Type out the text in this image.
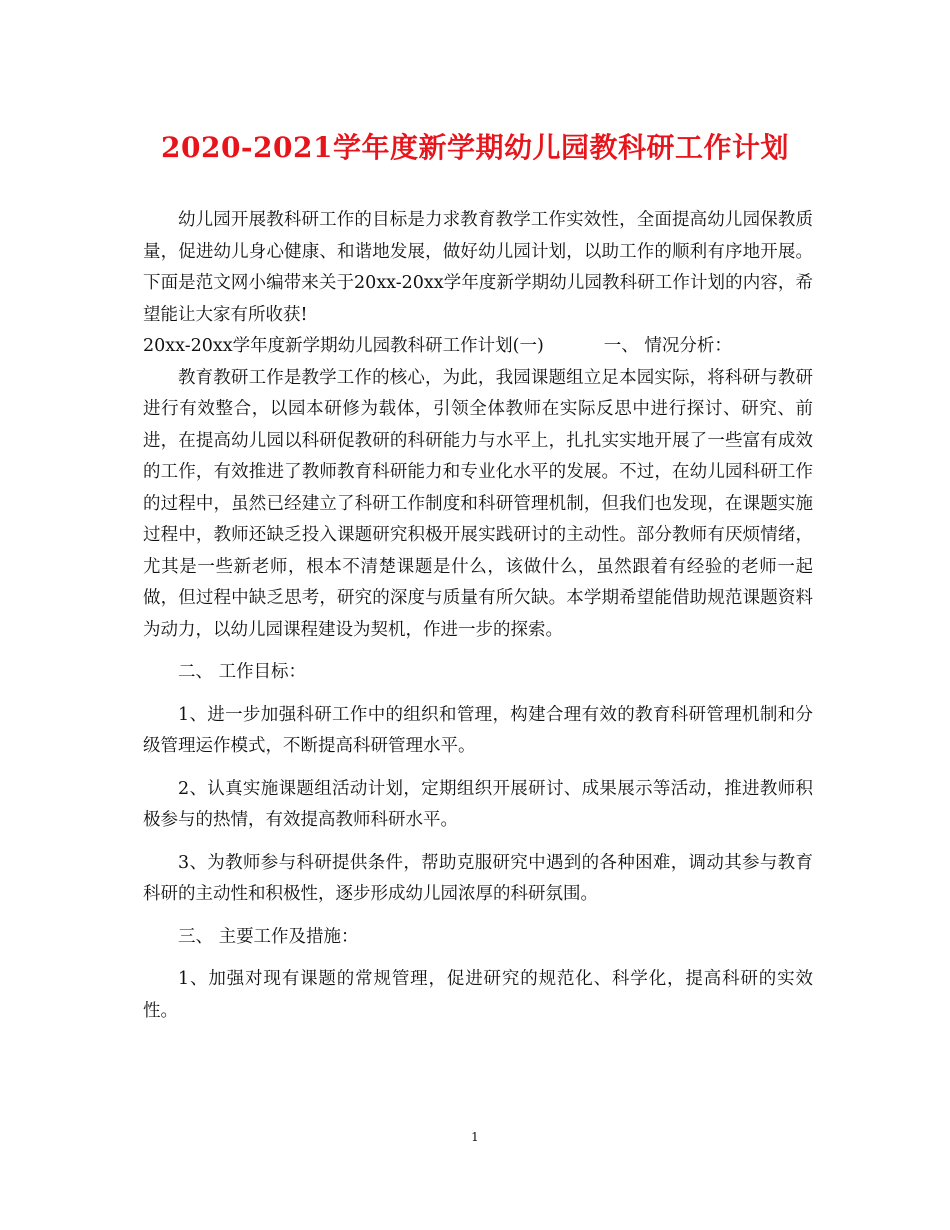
2020-2021学年度新学期幼儿园教科研工作计划

幼儿园开展教科研工作的目标是力求教育教学工作实效性，全面提高幼儿园保教质量，促进幼儿身心健康、和谐地发展，做好幼儿园计划，以助工作的顺利有序地开展。下面是范文网小编带来关于20xx-20xx学年度新学期幼儿园教科研工作计划的内容，希望能让大家有所收获!

20xx-20xx学年度新学期幼儿园教科研工作计划(一)	一、 情况分析：

教育教研工作是教学工作的核心，为此，我园课题组立足本园实际，将科研与教研进行有效整合，以园本研修为载体，引领全体教师在实际反思中进行探讨、研究、前进，在提高幼儿园以科研促教研的科研能力与水平上，扎扎实实地开展了一些富有成效的工作，有效推进了教师教育科研能力和专业化水平的发展。不过，在幼儿园科研工作的过程中，虽然已经建立了科研工作制度和科研管理机制，但我们也发现，在课题实施过程中，教师还缺乏投入课题研究积极开展实践研讨的主动性。部分教师有厌烦情绪，尤其是一些新老师，根本不清楚课题是什么，该做什么，虽然跟着有经验的老师一起做，但过程中缺乏思考，研究的深度与质量有所欠缺。本学期希望能借助规范课题资料为动力，以幼儿园课程建设为契机，作进一步的探索。

二、 工作目标：

1、进一步加强科研工作中的组织和管理，构建合理有效的教育科研管理机制和分级管理运作模式，不断提高科研管理水平。

2、认真实施课题组活动计划，定期组织开展研讨、成果展示等活动，推进教师积极参与的热情，有效提高教师科研水平。

3、为教师参与科研提供条件，帮助克服研究中遇到的各种困难，调动其参与教育科研的主动性和积极性，逐步形成幼儿园浓厚的科研氛围。

三、 主要工作及措施：

1、加强对现有课题的常规管理，促进研究的规范化、科学化，提高科研的实效性。

1
